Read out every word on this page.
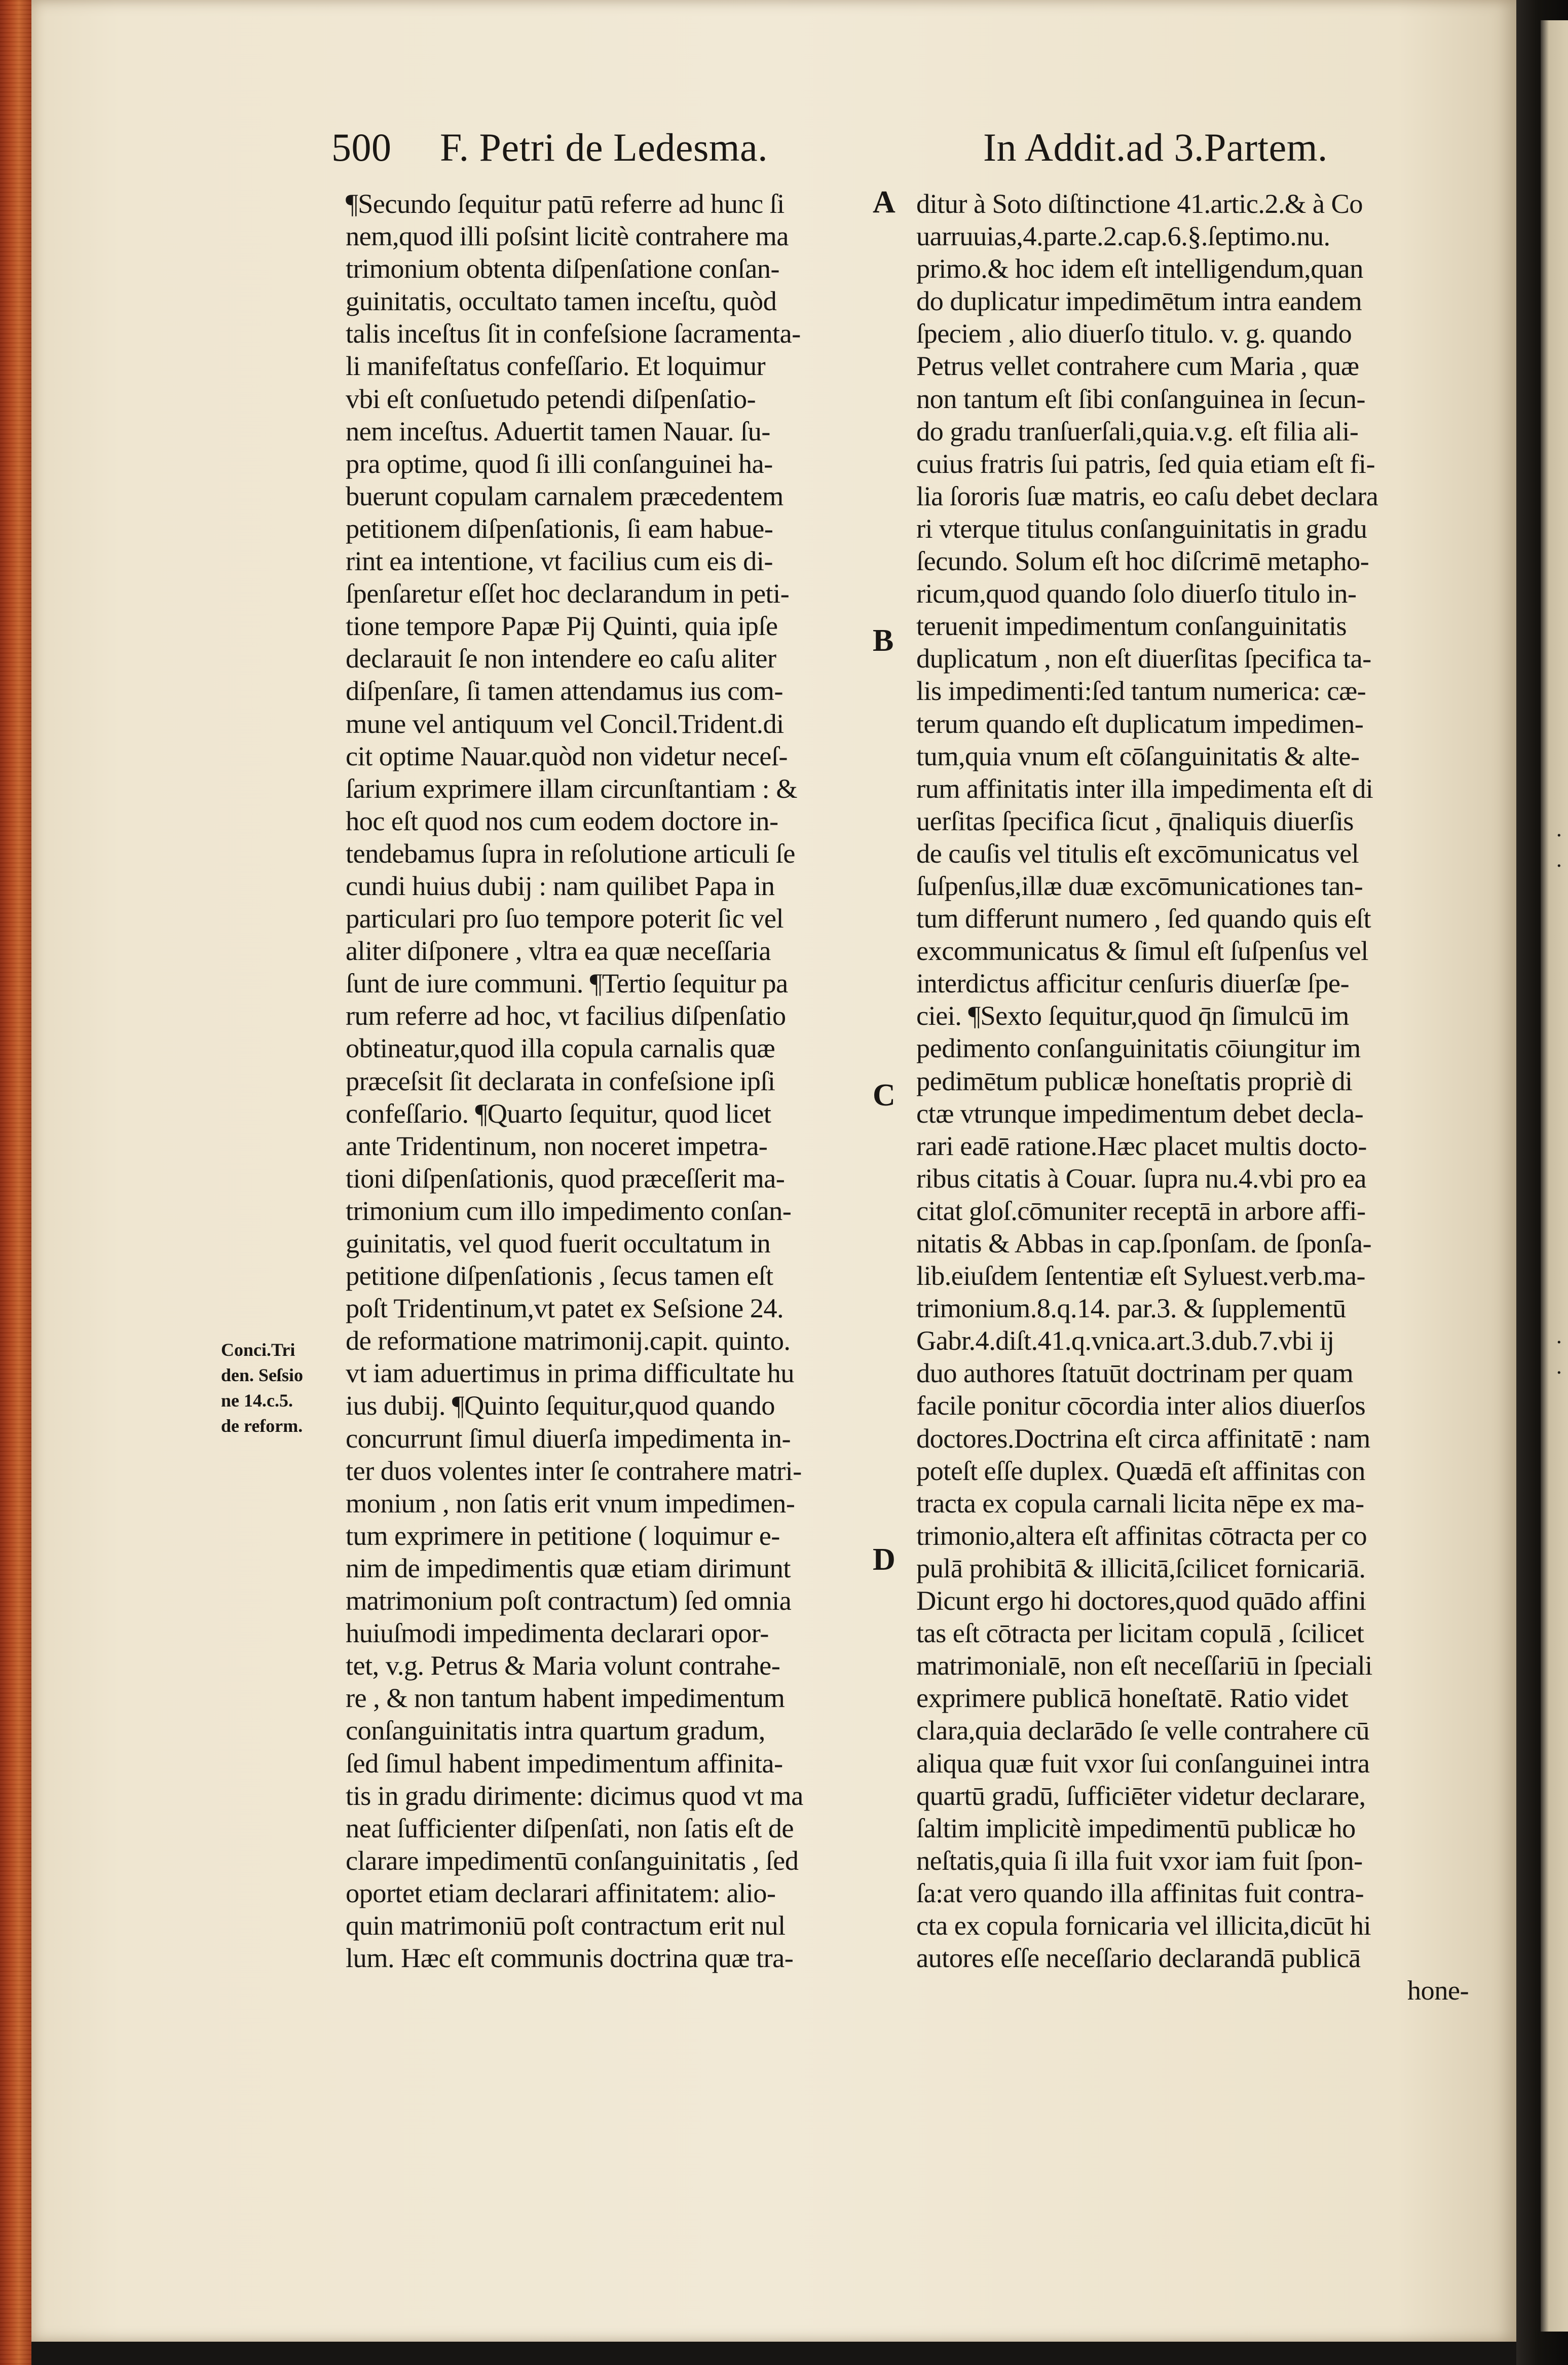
·
·
·
·
500 F. Petri de Ledesma.	In Addit.ad 3.Partem.
¶Secundo ſequitur patū referre ad hunc ſi
nem,quod illi poſsint licitè contrahere ma
trimonium obtenta diſpenſatione conſan-
guinitatis, occultato tamen inceſtu, quòd
talis inceſtus ſit in confeſsione ſacramenta-
li manifeſtatus confeſſario. Et loquimur
vbi eſt conſuetudo petendi diſpenſatio-
nem inceſtus. Aduertit tamen Nauar. ſu-
pra optime, quod ſi illi conſanguinei ha-
buerunt copulam carnalem præcedentem
petitionem diſpenſationis, ſi eam habue-
rint ea intentione, vt facilius cum eis di-
ſpenſaretur eſſet hoc declarandum in peti-
tione tempore Papæ Pij Quinti, quia ipſe
declarauit ſe non intendere eo caſu aliter
diſpenſare, ſi tamen attendamus ius com-
mune vel antiquum vel Concil.Trident.di
cit optime Nauar.quòd non videtur neceſ-
ſarium exprimere illam circunſtantiam : &
hoc eſt quod nos cum eodem doctore in-
tendebamus ſupra in reſolutione articuli ſe
cundi huius dubij : nam quilibet Papa in
particulari pro ſuo tempore poterit ſic vel
aliter diſponere , vltra ea quæ neceſſaria
ſunt de iure communi. ¶Tertio ſequitur pa
rum referre ad hoc, vt facilius diſpenſatio
obtineatur,quod illa copula carnalis quæ
præceſsit ſit declarata in confeſsione ipſi
confeſſario. ¶Quarto ſequitur, quod licet
ante Tridentinum, non noceret impetra-
tioni diſpenſationis, quod præceſſerit ma-
trimonium cum illo impedimento conſan-
guinitatis, vel quod fuerit occultatum in
petitione diſpenſationis , ſecus tamen eſt
poſt Tridentinum,vt patet ex Seſsione 24.
de reformatione matrimonij.capit. quinto.
vt iam aduertimus in prima difficultate hu
ius dubij. ¶Quinto ſequitur,quod quando
concurrunt ſimul diuerſa impedimenta in-
ter duos volentes inter ſe contrahere matri-
monium , non ſatis erit vnum impedimen-
tum exprimere in petitione ( loquimur e-
nim de impedimentis quæ etiam dirimunt
matrimonium poſt contractum) ſed omnia
huiuſmodi impedimenta declarari opor-
tet, v.g. Petrus & Maria volunt contrahe-
re , & non tantum habent impedimentum
conſanguinitatis intra quartum gradum,
ſed ſimul habent impedimentum affinita-
tis in gradu dirimente: dicimus quod vt ma
neat ſufficienter diſpenſati, non ſatis eſt de
clarare impedimentū conſanguinitatis , ſed
oportet etiam declarari affinitatem: alio-
quin matrimoniū poſt contractum erit nul
lum. Hæc eſt communis doctrina quæ tra-
ditur à Soto diſtinctione 41.artic.2.& à Co
uarruuias,4.parte.2.cap.6.§.ſeptimo.nu.
primo.& hoc idem eſt intelligendum,quan
do duplicatur impedimētum intra eandem
ſpeciem , alio diuerſo titulo. v. g. quando
Petrus vellet contrahere cum Maria , quæ
non tantum eſt ſibi conſanguinea in ſecun-
do gradu tranſuerſali,quia.v.g. eſt filia ali-
cuius fratris ſui patris, ſed quia etiam eſt fi-
lia ſororis ſuæ matris, eo caſu debet declara
ri vterque titulus conſanguinitatis in gradu
ſecundo. Solum eſt hoc diſcrimē metapho-
ricum,quod quando ſolo diuerſo titulo in-
teruenit impedimentum conſanguinitatis
duplicatum , non eſt diuerſitas ſpecifica ta-
lis impedimenti:ſed tantum numerica: cæ-
terum quando eſt duplicatum impedimen-
tum,quia vnum eſt cōſanguinitatis & alte-
rum affinitatis inter illa impedimenta eſt di
uerſitas ſpecifica ſicut , q̄naliquis diuerſis
de cauſis vel titulis eſt excōmunicatus vel
ſuſpenſus,illæ duæ excōmunicationes tan-
tum differunt numero , ſed quando quis eſt
excommunicatus & ſimul eſt ſuſpenſus vel
interdictus afficitur cenſuris diuerſæ ſpe-
ciei. ¶Sexto ſequitur,quod q̄n ſimulcū im
pedimento conſanguinitatis cōiungitur im
pedimētum publicæ honeſtatis propriè di
ctæ vtrunque impedimentum debet decla-
rari eadē ratione.Hæc placet multis docto-
ribus citatis à Couar. ſupra nu.4.vbi pro ea
citat gloſ.cōmuniter receptā in arbore affi-
nitatis & Abbas in cap.ſponſam. de ſponſa-
lib.eiuſdem ſententiæ eſt Syluest.verb.ma-
trimonium.8.q.14. par.3. & ſupplementū
Gabr.4.diſt.41.q.vnica.art.3.dub.7.vbi ij
duo authores ſtatuūt doctrinam per quam
facile ponitur cōcordia inter alios diuerſos
doctores.Doctrina eſt circa affinitatē : nam
poteſt eſſe duplex. Quædā eſt affinitas con
tracta ex copula carnali licita nēpe ex ma-
trimonio,altera eſt affinitas cōtracta per co
pulā prohibitā & illicitā,ſcilicet fornicariā.
Dicunt ergo hi doctores,quod quādo affini
tas eſt cōtracta per licitam copulā , ſcilicet
matrimonialē, non eſt neceſſariū in ſpeciali
exprimere publicā honeſtatē. Ratio videt
clara,quia declarādo ſe velle contrahere cū
aliqua quæ fuit vxor ſui conſanguinei intra
quartū gradū, ſufficiēter videtur declarare,
ſaltim implicitè impedimentū publicæ ho
neſtatis,quia ſi illa fuit vxor iam fuit ſpon-
ſa:at vero quando illa affinitas fuit contra-
cta ex copula fornicaria vel illicita,dicūt hi
autores eſſe neceſſario declarandā publicā
hone-
A
B
C
D
Conci.Tri
den. Seſsio
ne 14.c.5.
de reform.
